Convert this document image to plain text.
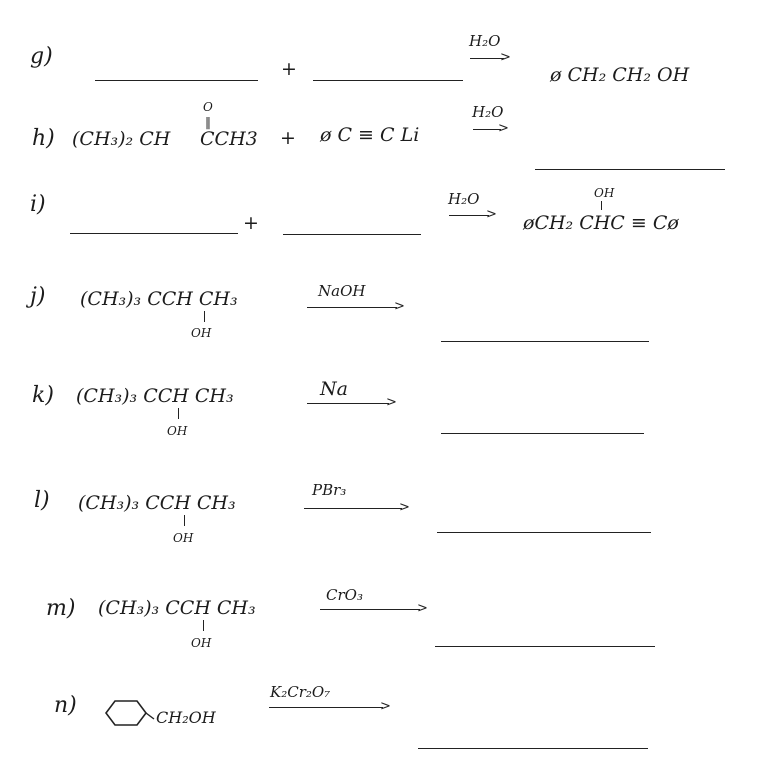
g)	+
H₂O
>
ø CH₂ CH₂ OH
h) (CH₃)₂ CH
O
‖
CCH3 + ø C ≡ C Li
H₂O
>
i)
+
H₂O
>
OH
øCH₂ CHC ≡ Cø
j) (CH₃)₃ CCH CH₃
OH
NaOH
>
k) (CH₃)₃ CCH CH₃
OH
Na
>
l) (CH₃)₃ CCH CH₃
OH
PBr₃
>
m) (CH₃)₃ CCH CH₃
OH
CrO₃
>
n)	CH₂OH
K₂Cr₂O₇
>
